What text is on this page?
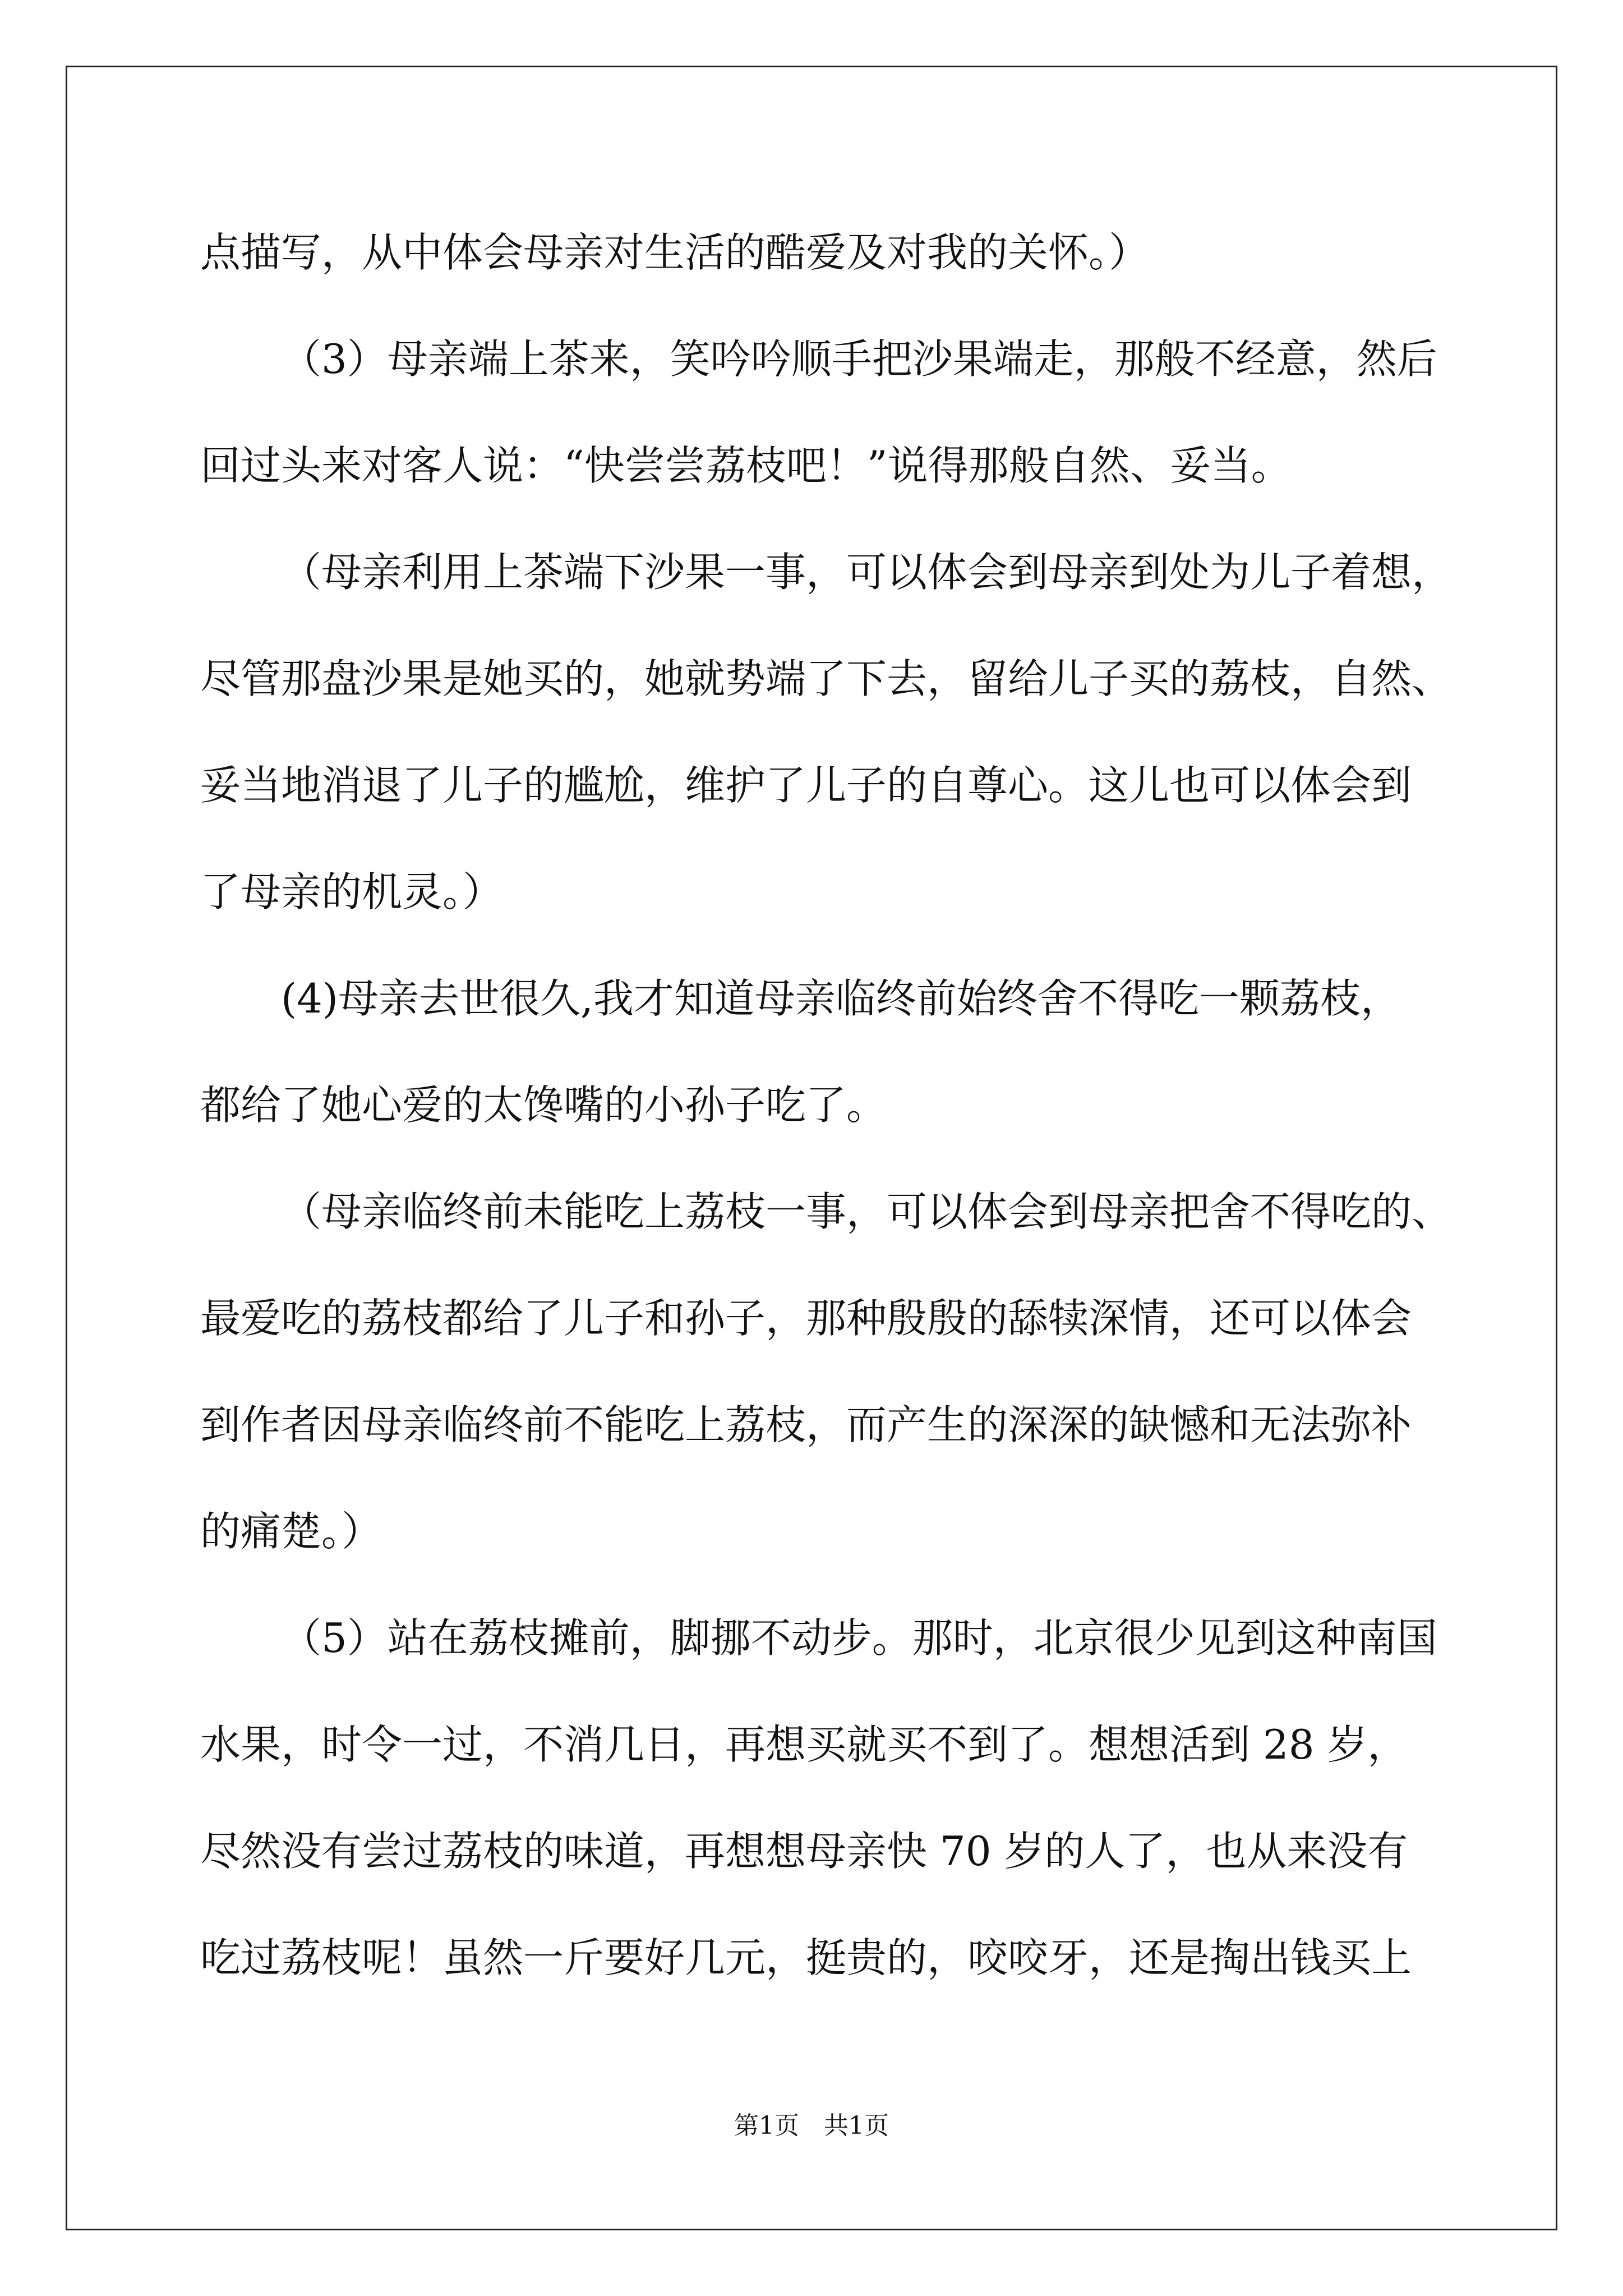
点描写，从中体会母亲对生活的酷爱及对我的关怀。）
（3）母亲端上茶来，笑吟吟顺手把沙果端走，那般不经意，然后
回过头来对客人说：“快尝尝荔枝吧！”说得那般自然、妥当。
（母亲利用上茶端下沙果一事，可以体会到母亲到处为儿子着想，
尽管那盘沙果是她买的，她就势端了下去，留给儿子买的荔枝，自然、
妥当地消退了儿子的尴尬，维护了儿子的自尊心。这儿也可以体会到
了母亲的机灵。）
(4)母亲去世很久,我才知道母亲临终前始终舍不得吃一颗荔枝，
都给了她心爱的太馋嘴的小孙子吃了。
（母亲临终前未能吃上荔枝一事，可以体会到母亲把舍不得吃的、
最爱吃的荔枝都给了儿子和孙子，那种殷殷的舔犊深情，还可以体会
到作者因母亲临终前不能吃上荔枝，而产生的深深的缺憾和无法弥补
的痛楚。）
（5）站在荔枝摊前，脚挪不动步。那时，北京很少见到这种南国
水果，时令一过，不消几日，再想买就买不到了。想想活到 28 岁，
尽然没有尝过荔枝的味道，再想想母亲快 70 岁的人了，也从来没有
吃过荔枝呢！虽然一斤要好几元，挺贵的，咬咬牙，还是掏出钱买上
第1页　共1页
